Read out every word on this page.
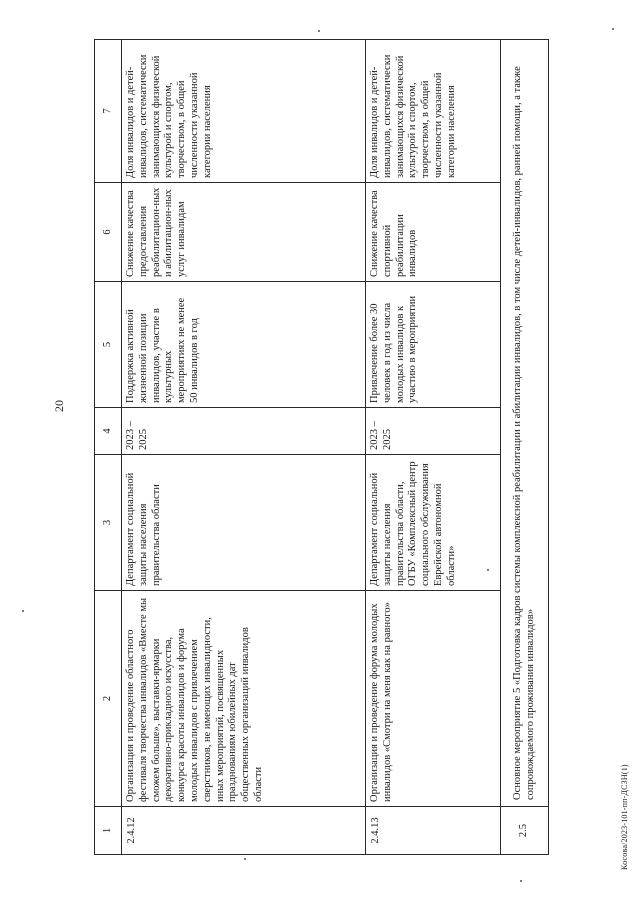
20
1	2	3	4	5	6	7
2.4.12	Организация и проведение областного фестиваля творчества инвалидов «Вместе мы сможем больше», выставки-ярмарки декоративно-прикладного искусства, конкурса красоты инвалидов и форума молодых инвалидов с привлечением сверстников, не имеющих инвалидности, иных мероприятий, посвященных празднованиям юбилейных дат общественных организаций инвалидов области	Департамент социальной защиты населения правительства области	2023 – 2025	Поддержка активной жизненной позиции инвалидов, участие в культурных мероприятиях не менее 50 инвалидов в год	Снижение качества предоставления реабилитацион-ных и абилитацион-ных услуг инвалидам	Доля инвалидов и детей-инвалидов, систематически занимающихся физической культурой и спортом, творчеством, в общей численности указанной категории населения
2.4.13	Организация и проведение форума молодых инвалидов «Смотри на меня как на равного»	Департамент социальной защиты населения правительства области, ОГБУ «Комплексный центр социального обслуживания Еврейской автономной области»	2023 – 2025	Привлечение более 30 человек в год из числа молодых инвалидов к участию в мероприятии	Снижение качества спортивной реабилитации инвалидов	Доля инвалидов и детей-инвалидов, систематически занимающихся физической культурой и спортом, творчеством, в общей численности указанной категории населения
2.5	Основное мероприятие 5 «Подготовка кадров системы комплексной реабилитации и абилитации инвалидов, в том числе детей-инвалидов, ранней помощи, а также сопровождаемого проживания инвалидов»					
Косова/2023-101-пп-ДСЗН(1)
